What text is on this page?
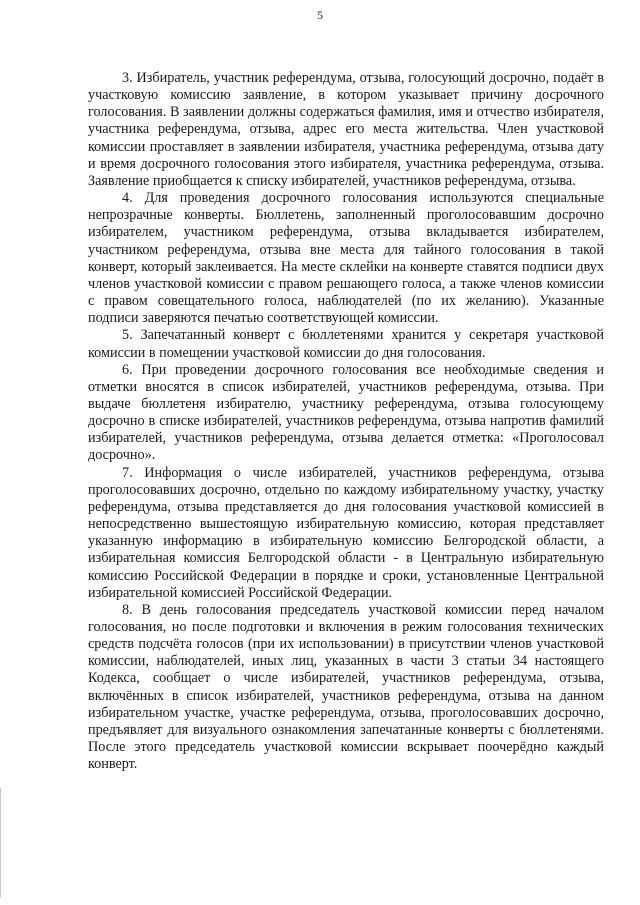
5

3. Избиратель, участник референдума, отзыва, голосующий досрочно, подаёт в участковую комиссию заявление, в котором указывает причину досрочного голосования. В заявлении должны содержаться фамилия, имя и отчество избирателя, участника референдума, отзыва, адрес его места жительства. Член участковой комиссии проставляет в заявлении избирателя, участника референдума, отзыва дату и время досрочного голосования этого избирателя, участника референдума, отзыва. Заявление приобщается к списку избирателей, участников референдума, отзыва.

4. Для проведения досрочного голосования используются специальные непрозрачные конверты. Бюллетень, заполненный проголосовавшим досрочно избирателем, участником референдума, отзыва вкладывается избирателем, участником референдума, отзыва вне места для тайного голосования в такой конверт, который заклеивается. На месте склейки на конверте ставятся подписи двух членов участковой комиссии с правом решающего голоса, а также членов комиссии с правом совещательного голоса, наблюдателей (по их желанию). Указанные подписи заверяются печатью соответствующей комиссии.

5. Запечатанный конверт с бюллетенями хранится у секретаря участковой комиссии в помещении участковой комиссии до дня голосования.

6. При проведении досрочного голосования все необходимые сведения и отметки вносятся в список избирателей, участников референдума, отзыва. При выдаче бюллетеня избирателю, участнику референдума, отзыва голосующему досрочно в списке избирателей, участников референдума, отзыва напротив фамилий избирателей, участников референдума, отзыва делается отметка: «Проголосовал досрочно».

7. Информация о числе избирателей, участников референдума, отзыва проголосовавших досрочно, отдельно по каждому избирательному участку, участку референдума, отзыва представляется до дня голосования участковой комиссией в непосредственно вышестоящую избирательную комиссию, которая представляет указанную информацию в избирательную комиссию Белгородской области, а избирательная комиссия Белгородской области - в Центральную избирательную комиссию Российской Федерации в порядке и сроки, установленные Центральной избирательной комиссией Российской Федерации.

8. В день голосования председатель участковой комиссии перед началом голосования, но после подготовки и включения в режим голосования технических средств подсчёта голосов (при их использовании) в присутствии членов участковой комиссии, наблюдателей, иных лиц, указанных в части 3 статьи 34 настоящего Кодекса, сообщает о числе избирателей, участников референдума, отзыва, включённых в список избирателей, участников референдума, отзыва на данном избирательном участке, участке референдума, отзыва, проголосовавших досрочно, предъявляет для визуального ознакомления запечатанные конверты с бюллетенями. После этого председатель участковой комиссии вскрывает поочерёдно каждый конверт.
